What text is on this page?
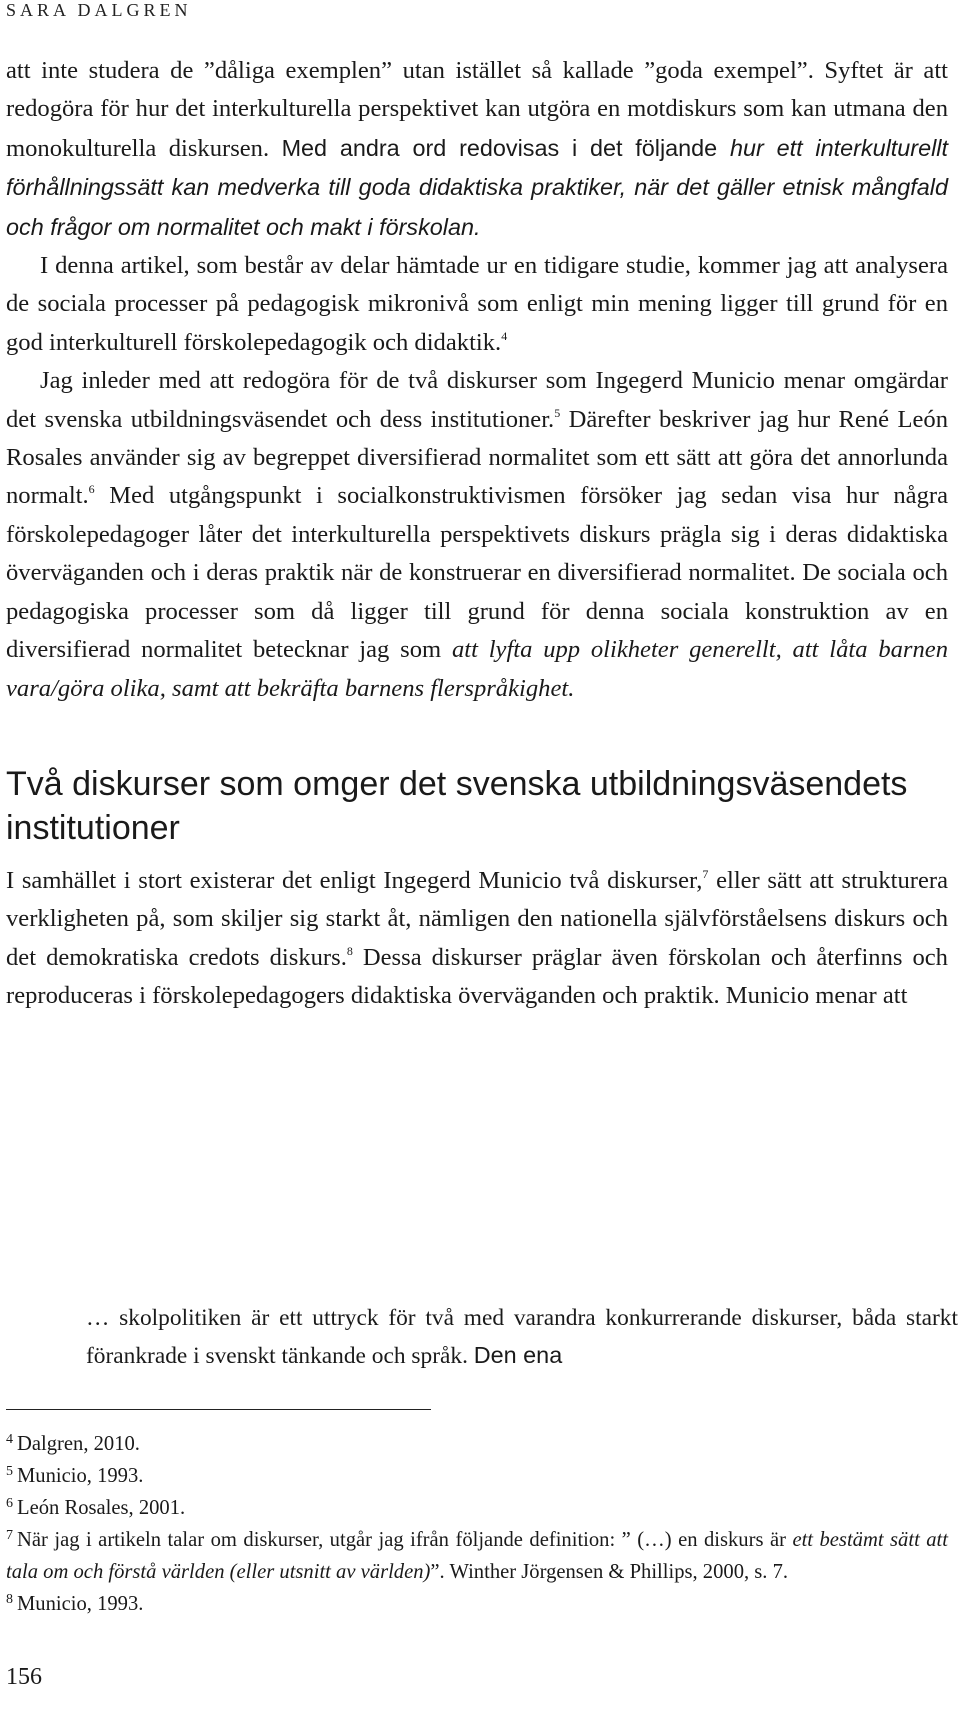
SARA DALGREN

att inte studera de ”dåliga exemplen” utan istället så kallade ”goda exempel”. Syftet är att redogöra för hur det interkulturella perspektivet kan utgöra en motdiskurs som kan utmana den monokulturella diskursen. Med andra ord redovisas i det följande hur ett interkulturellt förhållningssätt kan medverka till goda didaktiska praktiker, när det gäller etnisk mångfald och frågor om normalitet och makt i förskolan.

I denna artikel, som består av delar hämtade ur en tidigare studie, kommer jag att analysera de sociala processer på pedagogisk mikronivå som enligt min mening ligger till grund för en god interkulturell förskolepedagogik och didaktik.$^4$

Jag inleder med att redogöra för de två diskurser som Ingegerd Municio menar omgärdar det svenska utbildningsväsendet och dess institutioner.$^5$ Därefter beskriver jag hur René León Rosales använder sig av begreppet diversifierad normalitet som ett sätt att göra det annorlunda normalt.$^6$ Med utgångspunkt i socialkonstruktivismen försöker jag sedan visa hur några förskolepedagoger låter det interkulturella perspektivets diskurs prägla sig i deras didaktiska överväganden och i deras praktik när de konstruerar en diversifierad normalitet. De sociala och pedagogiska processer som då ligger till grund för denna sociala konstruktion av en diversifierad normalitet betecknar jag som att lyfta upp olikheter generellt, att låta barnen vara/göra olika, samt att bekräfta barnens flerspråkighet.

Två diskurser som omger det svenska utbildningsväsendets institutioner

I samhället i stort existerar det enligt Ingegerd Municio två diskurser,$^7$ eller sätt att strukturera verkligheten på, som skiljer sig starkt åt, nämligen den nationella självförståelsens diskurs och det demokratiska credots diskurs.$^8$ Dessa diskurser präglar även förskolan och återfinns och reproduceras i förskolepedagogers didaktiska överväganden och praktik. Municio menar att

… skolpolitiken är ett uttryck för två med varandra konkurrerande diskurser, båda starkt förankrade i svenskt tänkande och språk. Den ena
$^4$ Dalgren, 2010.
$^5$ Municio, 1993.
$^6$ León Rosales, 2001.
$^7$ När jag i artikeln talar om diskurser, utgår jag ifrån följande definition: ” (…) en diskurs är ett bestämt sätt att tala om och förstå världen (eller utsnitt av världen)”. Winther Jörgensen & Phillips, 2000, s. 7.
$^8$ Municio, 1993.
156
